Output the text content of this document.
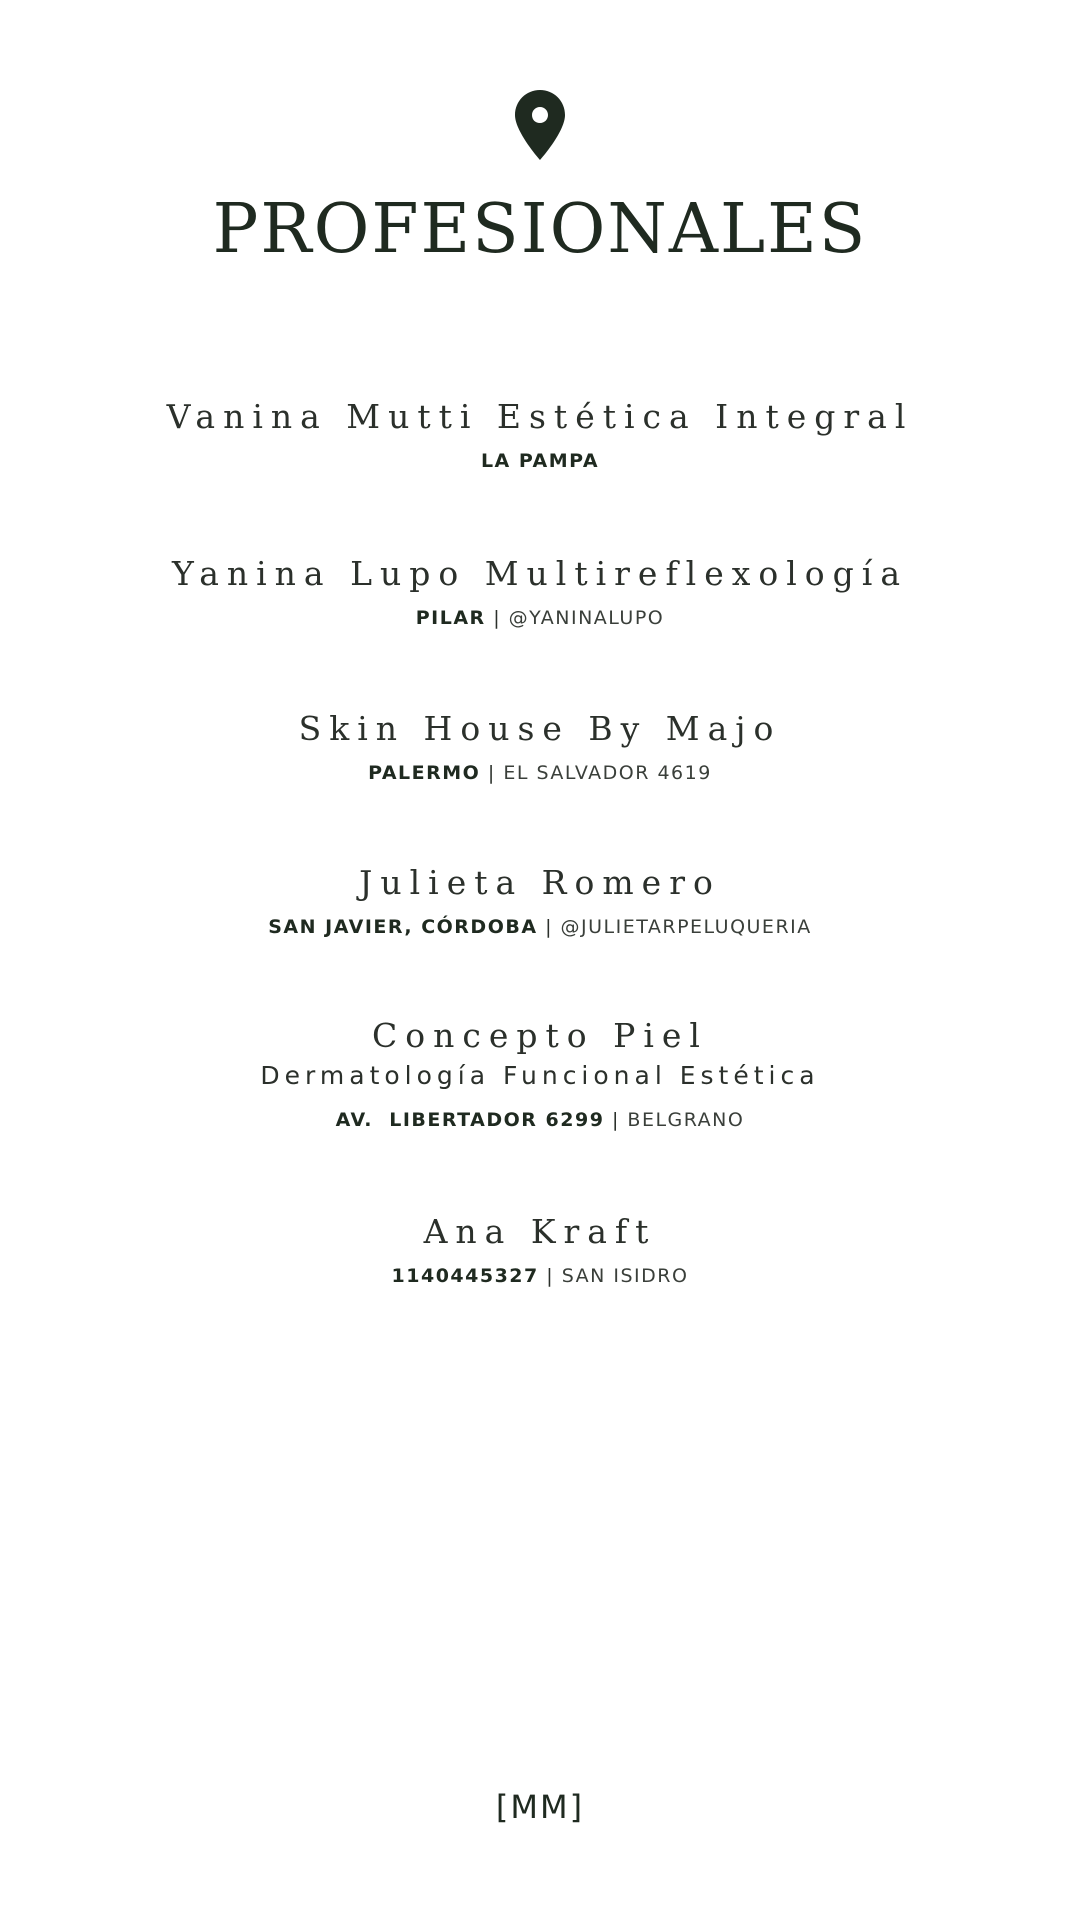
PROFESIONALES
Vanina Mutti Estética Integral
LA PAMPA
Yanina Lupo Multireflexología
PILAR | @YANINALUPO
Skin House By Majo
PALERMO | EL SALVADOR 4619
Julieta Romero
SAN JAVIER, CÓRDOBA | @JULIETARPELUQUERIA
Concepto Piel
Dermatología Funcional Estética
AV.  LIBERTADOR 6299 | BELGRANO
Ana Kraft
1140445327 | SAN ISIDRO
[MM]
